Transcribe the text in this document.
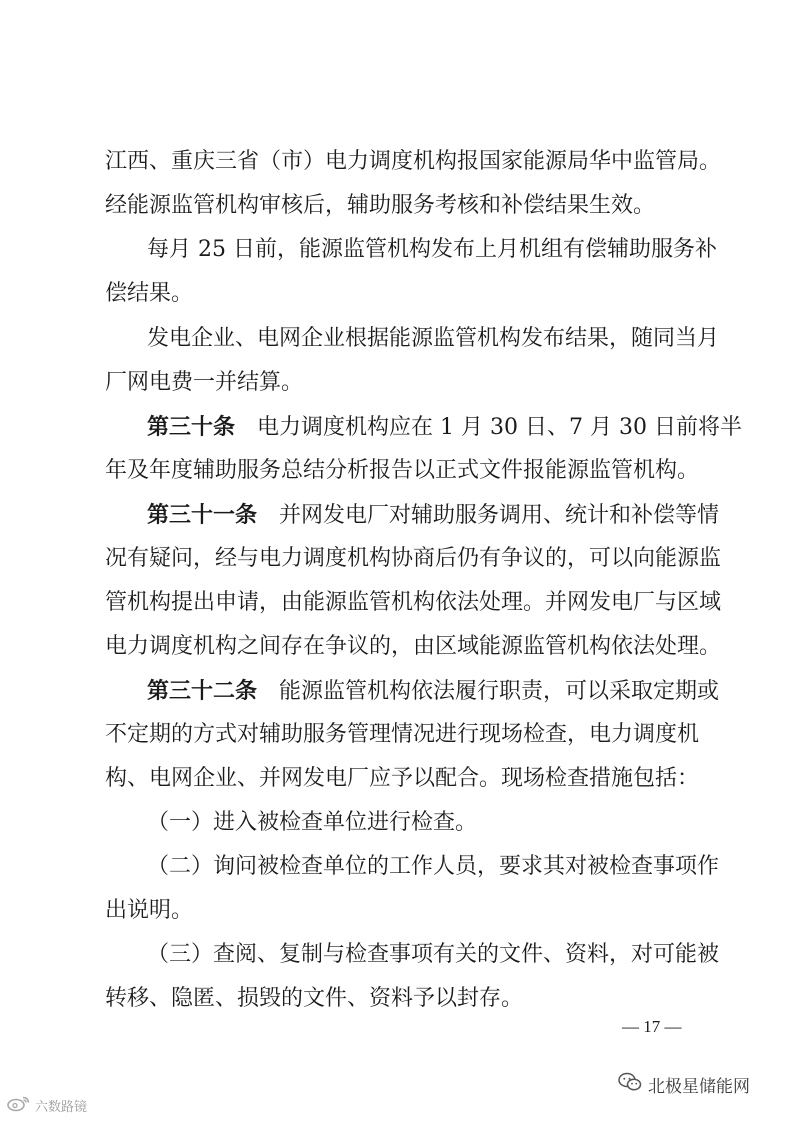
江西、重庆三省（市）电力调度机构报国家能源局华中监管局。
经能源监管机构审核后，辅助服务考核和补偿结果生效。
每月 25 日前，能源监管机构发布上月机组有偿辅助服务补
偿结果。
发电企业、电网企业根据能源监管机构发布结果，随同当月
厂网电费一并结算。
第三十条 电力调度机构应在 1 月 30 日、7 月 30 日前将半
年及年度辅助服务总结分析报告以正式文件报能源监管机构。
第三十一条 并网发电厂对辅助服务调用、统计和补偿等情
况有疑问，经与电力调度机构协商后仍有争议的，可以向能源监
管机构提出申请，由能源监管机构依法处理。并网发电厂与区域
电力调度机构之间存在争议的，由区域能源监管机构依法处理。
第三十二条 能源监管机构依法履行职责，可以采取定期或
不定期的方式对辅助服务管理情况进行现场检查，电力调度机
构、电网企业、并网发电厂应予以配合。现场检查措施包括：
（一）进入被检查单位进行检查。
（二）询问被检查单位的工作人员，要求其对被检查事项作
出说明。
（三）查阅、复制与检查事项有关的文件、资料，对可能被
转移、隐匿、损毁的文件、资料予以封存。
— 17 —
北极星储能网
六数路镜
